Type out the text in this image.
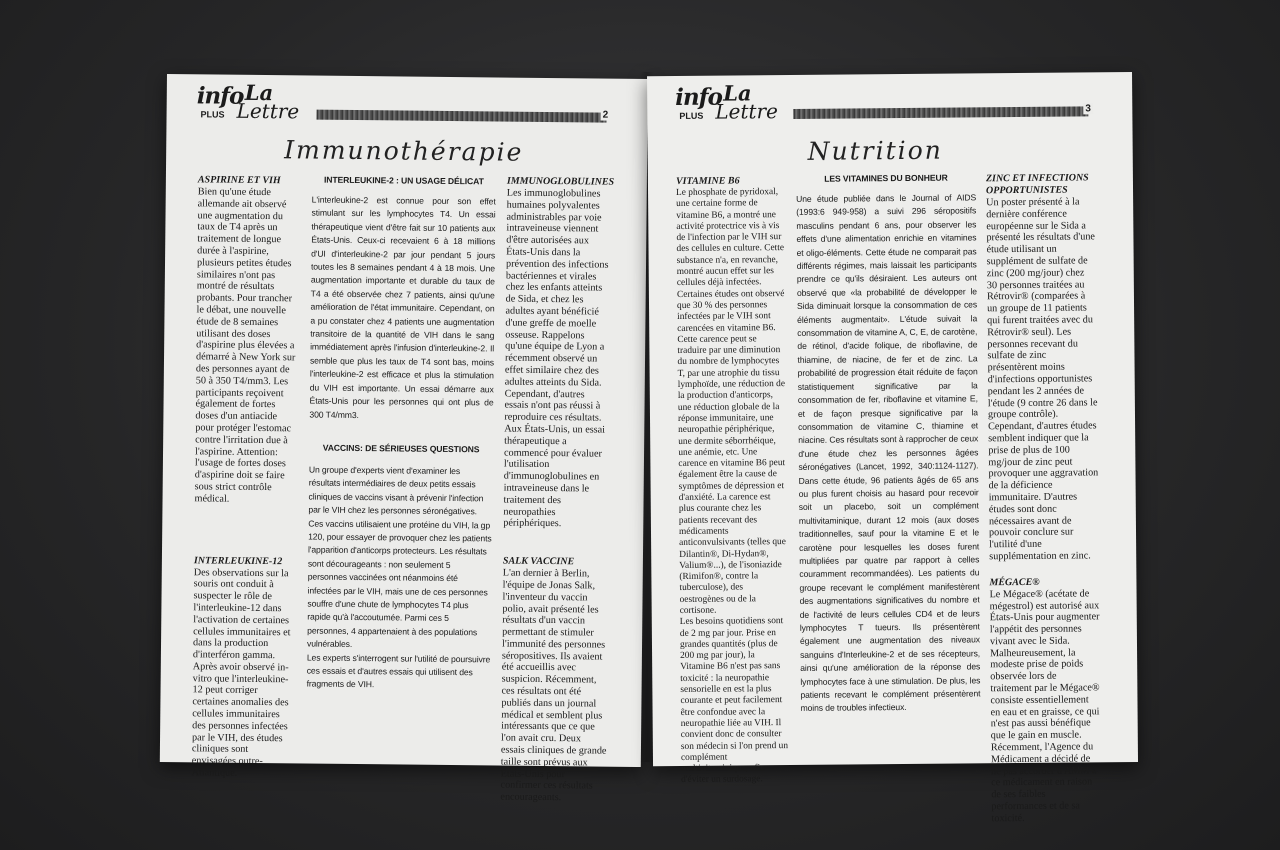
info
PLUS
La
Lettre	2
Immunothérapie
ASPIRINE ET VIH

Bien qu'une étude allemande ait observé une augmentation du taux de T4 après un traitement de longue durée à l'aspirine, plusieurs petites études similaires n'ont pas montré de résultats probants. Pour trancher le débat, une nouvelle étude de 8 semaines utilisant des doses d'aspirine plus élevées a démarré à New York sur des personnes ayant de 50 à 350 T4/mm3. Les participants reçoivent également de fortes doses d'un antiacide pour protéger l'estomac contre l'irritation due à l'aspirine. Attention: l'usage de fortes doses d'aspirine doit se faire sous strict contrôle médical.

INTERLEUKINE-12

Des observations sur la souris ont conduit à suspecter le rôle de l'interleukine-12 dans l'activation de certaines cellules immunitaires et dans la production d'interféron gamma. Après avoir observé in-vitro que l'interleukine-12 peut corriger certaines anomalies des cellules immunitaires des personnes infectées par le VIH, des études cliniques sont envisagées outre-Atlantique.

INTERLEUKINE-2 : UN USAGE DÉLICAT

L'interleukine-2 est connue pour son effet stimulant sur les lymphocytes T4. Un essai thérapeutique vient d'être fait sur 10 patients aux États-Unis. Ceux-ci recevaient 6 à 18 millions d'UI d'interleukine-2 par jour pendant 5 jours toutes les 8 semaines pendant 4 à 18 mois. Une augmentation importante et durable du taux de T4 a été observée chez 7 patients, ainsi qu'une amélioration de l'état immunitaire. Cependant, on a pu constater chez 4 patients une augmentation transitoire de la quantité de VIH dans le sang immédiatement après l'infusion d'interleukine-2. Il semble que plus les taux de T4 sont bas, moins l'interleukine-2 est efficace et plus la stimulation du VIH est importante. Un essai démarre aux États-Unis pour les personnes qui ont plus de 300 T4/mm3.

VACCINS: DE SÉRIEUSES QUESTIONS

Un groupe d'experts vient d'examiner les résultats intermédiaires de deux petits essais cliniques de vaccins visant à prévenir l'infection par le VIH chez les personnes séronégatives. Ces vaccins utilisaient une protéine du VIH, la gp 120, pour essayer de provoquer chez les patients l'apparition d'anticorps protecteurs. Les résultats sont décourageants : non seulement 5 personnes vaccinées ont néanmoins été infectées par le VIH, mais une de ces personnes souffre d'une chute de lymphocytes T4 plus rapide qu'à l'accoutumée. Parmi ces 5 personnes, 4 appartenaient à des populations vulnérables.

Les experts s'interrogent sur l'utilité de poursuivre ces essais et d'autres essais qui utilisent des fragments de VIH.

IMMUNOGLOBULINES

Les immunoglobulines humaines polyvalentes administrables par voie intraveineuse viennent d'être autorisées aux États-Unis dans la prévention des infections bactériennes et virales chez les enfants atteints de Sida, et chez les adultes ayant bénéficié d'une greffe de moelle osseuse. Rappelons qu'une équipe de Lyon a récemment observé un effet similaire chez des adultes atteints du Sida. Cependant, d'autres essais n'ont pas réussi à reproduire ces résultats. Aux États-Unis, un essai thérapeutique a commencé pour évaluer l'utilisation d'immunoglobulines en intraveineuse dans le traitement des neuropathies périphériques.

SALK VACCINE

L'an dernier à Berlin, l'équipe de Jonas Salk, l'inventeur du vaccin polio, avait présenté les résultats d'un vaccin permettant de stimuler l'immunité des personnes séropositives. Ils avaient été accueillis avec suspicion. Récemment, ces résultats ont été publiés dans un journal médical et semblent plus intéressants que ce que l'on avait cru. Deux essais cliniques de grande taille sont prévus aux États-Unis pour confirmer ces résultats encourageants.

info
PLUS
La
Lettre	3
Nutrition
VITAMINE B6

Le phosphate de pyridoxal, une certaine forme de vitamine B6, a montré une activité protectrice vis à vis de l'infection par le VIH sur des cellules en culture. Cette substance n'a, en revanche, montré aucun effet sur les cellules déjà infectées. Certaines études ont observé que 30 % des personnes infectées par le VIH sont carencées en vitamine B6. Cette carence peut se traduire par une diminution du nombre de lymphocytes T, par une atrophie du tissu lymphoïde, une réduction de la production d'anticorps, une réduction globale de la réponse immunitaire, une neuropathie périphérique, une dermite séborrhéique, une anémie, etc. Une carence en vitamine B6 peut également être la cause de symptômes de dépression et d'anxiété. La carence est plus courante chez les patients recevant des médicaments anticonvulsivants (telles que Dilantin®, Di-Hydan®, Valium®...), de l'isoniazide (Rimifon®, contre la tuberculose), des oestrogènes ou de la cortisone.

Les besoins quotidiens sont de 2 mg par jour. Prise en grandes quantités (plus de 200 mg par jour), la Vitamine B6 n'est pas sans toxicité : la neuropathie sensorielle en est la plus courante et peut facilement être confondue avec la neuropathie liée au VIH. Il convient donc de consulter son médecin si l'on prend un complément multivitaminique, afin d'éviter un surdosage.

LES VITAMINES DU BONHEUR

Une étude publiée dans le Journal of AIDS (1993:6 949-958) a suivi 296 séropositifs masculins pendant 6 ans, pour observer les effets d'une alimentation enrichie en vitamines et oligo-éléments. Cette étude ne comparait pas différents régimes, mais laissait les participants prendre ce qu'ils désiraient. Les auteurs ont observé que «la probabilité de développer le Sida diminuait lorsque la consommation de ces éléments augmentait». L'étude suivait la consommation de vitamine A, C, E, de carotène, de rétinol, d'acide folique, de riboflavine, de thiamine, de niacine, de fer et de zinc. La probabilité de progression était réduite de façon statistiquement significative par la consommation de fer, riboflavine et vitamine E, et de façon presque significative par la consommation de vitamine C, thiamine et niacine. Ces résultats sont à rapprocher de ceux d'une étude chez les personnes âgées séronégatives (Lancet, 1992, 340:1124-1127). Dans cette étude, 96 patients âgés de 65 ans ou plus furent choisis au hasard pour recevoir soit un placebo, soit un complément multivitaminique, durant 12 mois (aux doses traditionnelles, sauf pour la vitamine E et le carotène pour lesquelles les doses furent multipliées par quatre par rapport à celles couramment recommandées). Les patients du groupe recevant le complément manifestèrent des augmentations significatives du nombre et de l'activité de leurs cellules CD4 et de leurs lymphocytes T tueurs. Ils présentèrent également une augmentation des niveaux sanguins d'Interleukine-2 et de ses récepteurs, ainsi qu'une amélioration de la réponse des lymphocytes face à une stimulation. De plus, les patients recevant le complément présentèrent moins de troubles infectieux.

ZINC ET INFECTIONS OPPORTUNISTES

Un poster présenté à la dernière conférence européenne sur le Sida a présenté les résultats d'une étude utilisant un supplément de sulfate de zinc (200 mg/jour) chez 30 personnes traitées au Rétrovir® (comparées à un groupe de 11 patients qui furent traitées avec du Rétrovir® seul). Les personnes recevant du sulfate de zinc présentèrent moins d'infections opportunistes pendant les 2 années de l'étude (9 contre 26 dans le groupe contrôle). Cependant, d'autres études semblent indiquer que la prise de plus de 100 mg/jour de zinc peut provoquer une aggravation de la déficience immunitaire. D'autres études sont donc nécessaires avant de pouvoir conclure sur l'utilité d'une supplémentation en zinc.

MÉGACE®

Le Mégace® (acétate de mégestrol) est autorisé aux États-Unis pour augmenter l'appétit des personnes vivant avec le Sida. Malheureusement, la modeste prise de poids observée lors de traitement par le Mégace® consiste essentiellement en eau et en graisse, ce qui n'est pas aussi bénéfique que le gain en muscle. Récemment, l'Agence du Médicament a décidé de ne pas accorder d'AMM à ce médicament en raison de ses faibles performances et de sa toxicité.
